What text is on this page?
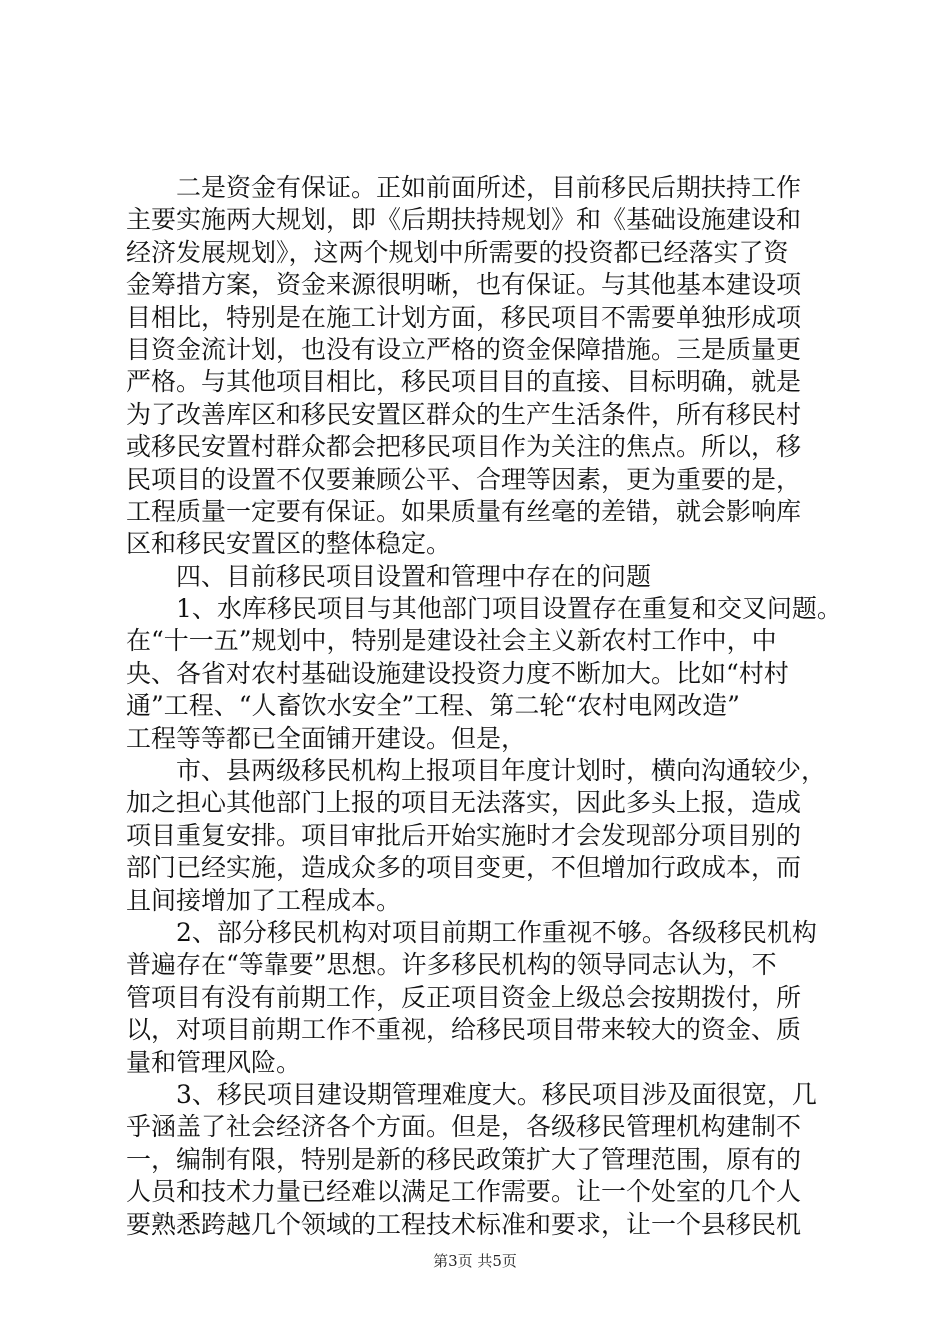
　　二是资金有保证。正如前面所述，目前移民后期扶持工作
主要实施两大规划，即《后期扶持规划》和《基础设施建设和
经济发展规划》，这两个规划中所需要的投资都已经落实了资
金筹措方案，资金来源很明晰，也有保证。与其他基本建设项
目相比，特别是在施工计划方面，移民项目不需要单独形成项
目资金流计划，也没有设立严格的资金保障措施。三是质量更
严格。与其他项目相比，移民项目目的直接、目标明确，就是
为了改善库区和移民安置区群众的生产生活条件，所有移民村
或移民安置村群众都会把移民项目作为关注的焦点。所以，移
民项目的设置不仅要兼顾公平、合理等因素，更为重要的是，
工程质量一定要有保证。如果质量有丝毫的差错，就会影响库
区和移民安置区的整体稳定。
　　四、目前移民项目设置和管理中存在的问题
　　1、水库移民项目与其他部门项目设置存在重复和交叉问题。
在“十一五”规划中，特别是建设社会主义新农村工作中，中
央、各省对农村基础设施建设投资力度不断加大。比如“村村
通”工程、“人畜饮水安全”工程、第二轮“农村电网改造”
工程等等都已全面铺开建设。但是，
　　市、县两级移民机构上报项目年度计划时，横向沟通较少，
加之担心其他部门上报的项目无法落实，因此多头上报，造成
项目重复安排。项目审批后开始实施时才会发现部分项目别的
部门已经实施，造成众多的项目变更，不但增加行政成本，而
且间接增加了工程成本。
　　2、部分移民机构对项目前期工作重视不够。各级移民机构
普遍存在“等靠要”思想。许多移民机构的领导同志认为，不
管项目有没有前期工作，反正项目资金上级总会按期拨付，所
以，对项目前期工作不重视，给移民项目带来较大的资金、质
量和管理风险。
　　3、移民项目建设期管理难度大。移民项目涉及面很宽，几
乎涵盖了社会经济各个方面。但是，各级移民管理机构建制不
一，编制有限，特别是新的移民政策扩大了管理范围，原有的
人员和技术力量已经难以满足工作需要。让一个处室的几个人
要熟悉跨越几个领域的工程技术标准和要求，让一个县移民机
第3页 共5页
